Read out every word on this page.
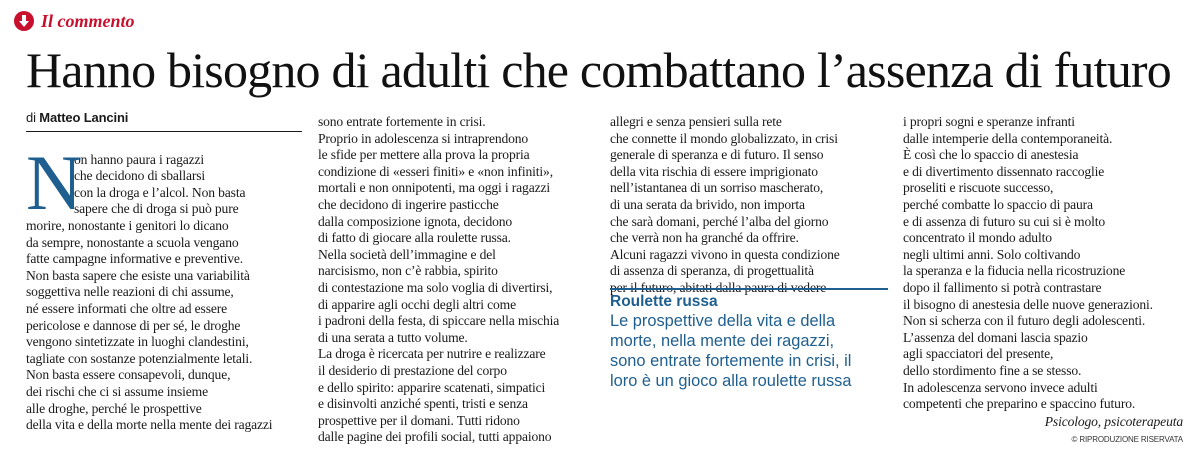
Il commento
Hanno bisogno di adulti che combattano l’assenza di futuro
di Matteo Lancini
N

on hanno paura i ragazzi

che decidono di sballarsi

con la droga e l’alcol. Non basta

sapere che di droga si può pure

morire, nonostante i genitori lo dicano

da sempre, nonostante a scuola vengano

fatte campagne informative e preventive.

Non basta sapere che esiste una variabilità

soggettiva nelle reazioni di chi assume,

né essere informati che oltre ad essere

pericolose e dannose di per sé, le droghe

vengono sintetizzate in luoghi clandestini,

tagliate con sostanze potenzialmente letali.

Non basta essere consapevoli, dunque,

dei rischi che ci si assume insieme

alle droghe, perché le prospettive

della vita e della morte nella mente dei ragazzi

sono entrate fortemente in crisi.

Proprio in adolescenza si intraprendono

le sfide per mettere alla prova la propria

condizione di «esseri finiti» e «non infiniti»,

mortali e non onnipotenti, ma oggi i ragazzi

che decidono di ingerire pasticche

dalla composizione ignota, decidono

di fatto di giocare alla roulette russa.

Nella società dell’immagine e del

narcisismo, non c’è rabbia, spirito

di contestazione ma solo voglia di divertirsi,

di apparire agli occhi degli altri come

i padroni della festa, di spiccare nella mischia

di una serata a tutto volume.

La droga è ricercata per nutrire e realizzare

il desiderio di prestazione del corpo

e dello spirito: apparire scatenati, simpatici

e disinvolti anziché spenti, tristi e senza

prospettive per il domani. Tutti ridono

dalle pagine dei profili social, tutti appaiono

allegri e senza pensieri sulla rete

che connette il mondo globalizzato, in crisi

generale di speranza e di futuro. Il senso

della vita rischia di essere imprigionato

nell’istantanea di un sorriso mascherato,

di una serata da brivido, non importa

che sarà domani, perché l’alba del giorno

che verrà non ha granché da offrire.

Alcuni ragazzi vivono in questa condizione

di assenza di speranza, di progettualità

per il futuro, abitati dalla paura di vedere

Roulette russa

Le prospettive della vita e della

morte, nella mente dei ragazzi,

sono entrate fortemente in crisi, il

loro è un gioco alla roulette russa

i propri sogni e speranze infranti

dalle intemperie della contemporaneità.

È così che lo spaccio di anestesia

e di divertimento dissennato raccoglie

proseliti e riscuote successo,

perché combatte lo spaccio di paura

e di assenza di futuro su cui si è molto

concentrato il mondo adulto

negli ultimi anni. Solo coltivando

la speranza e la fiducia nella ricostruzione

dopo il fallimento si potrà contrastare

il bisogno di anestesia delle nuove generazioni.

Non si scherza con il futuro degli adolescenti.

L’assenza del domani lascia spazio

agli spacciatori del presente,

dello stordimento fine a se stesso.

In adolescenza servono invece adulti

competenti che preparino e spaccino futuro.

Psicologo, psicoterapeuta
© RIPRODUZIONE RISERVATA
